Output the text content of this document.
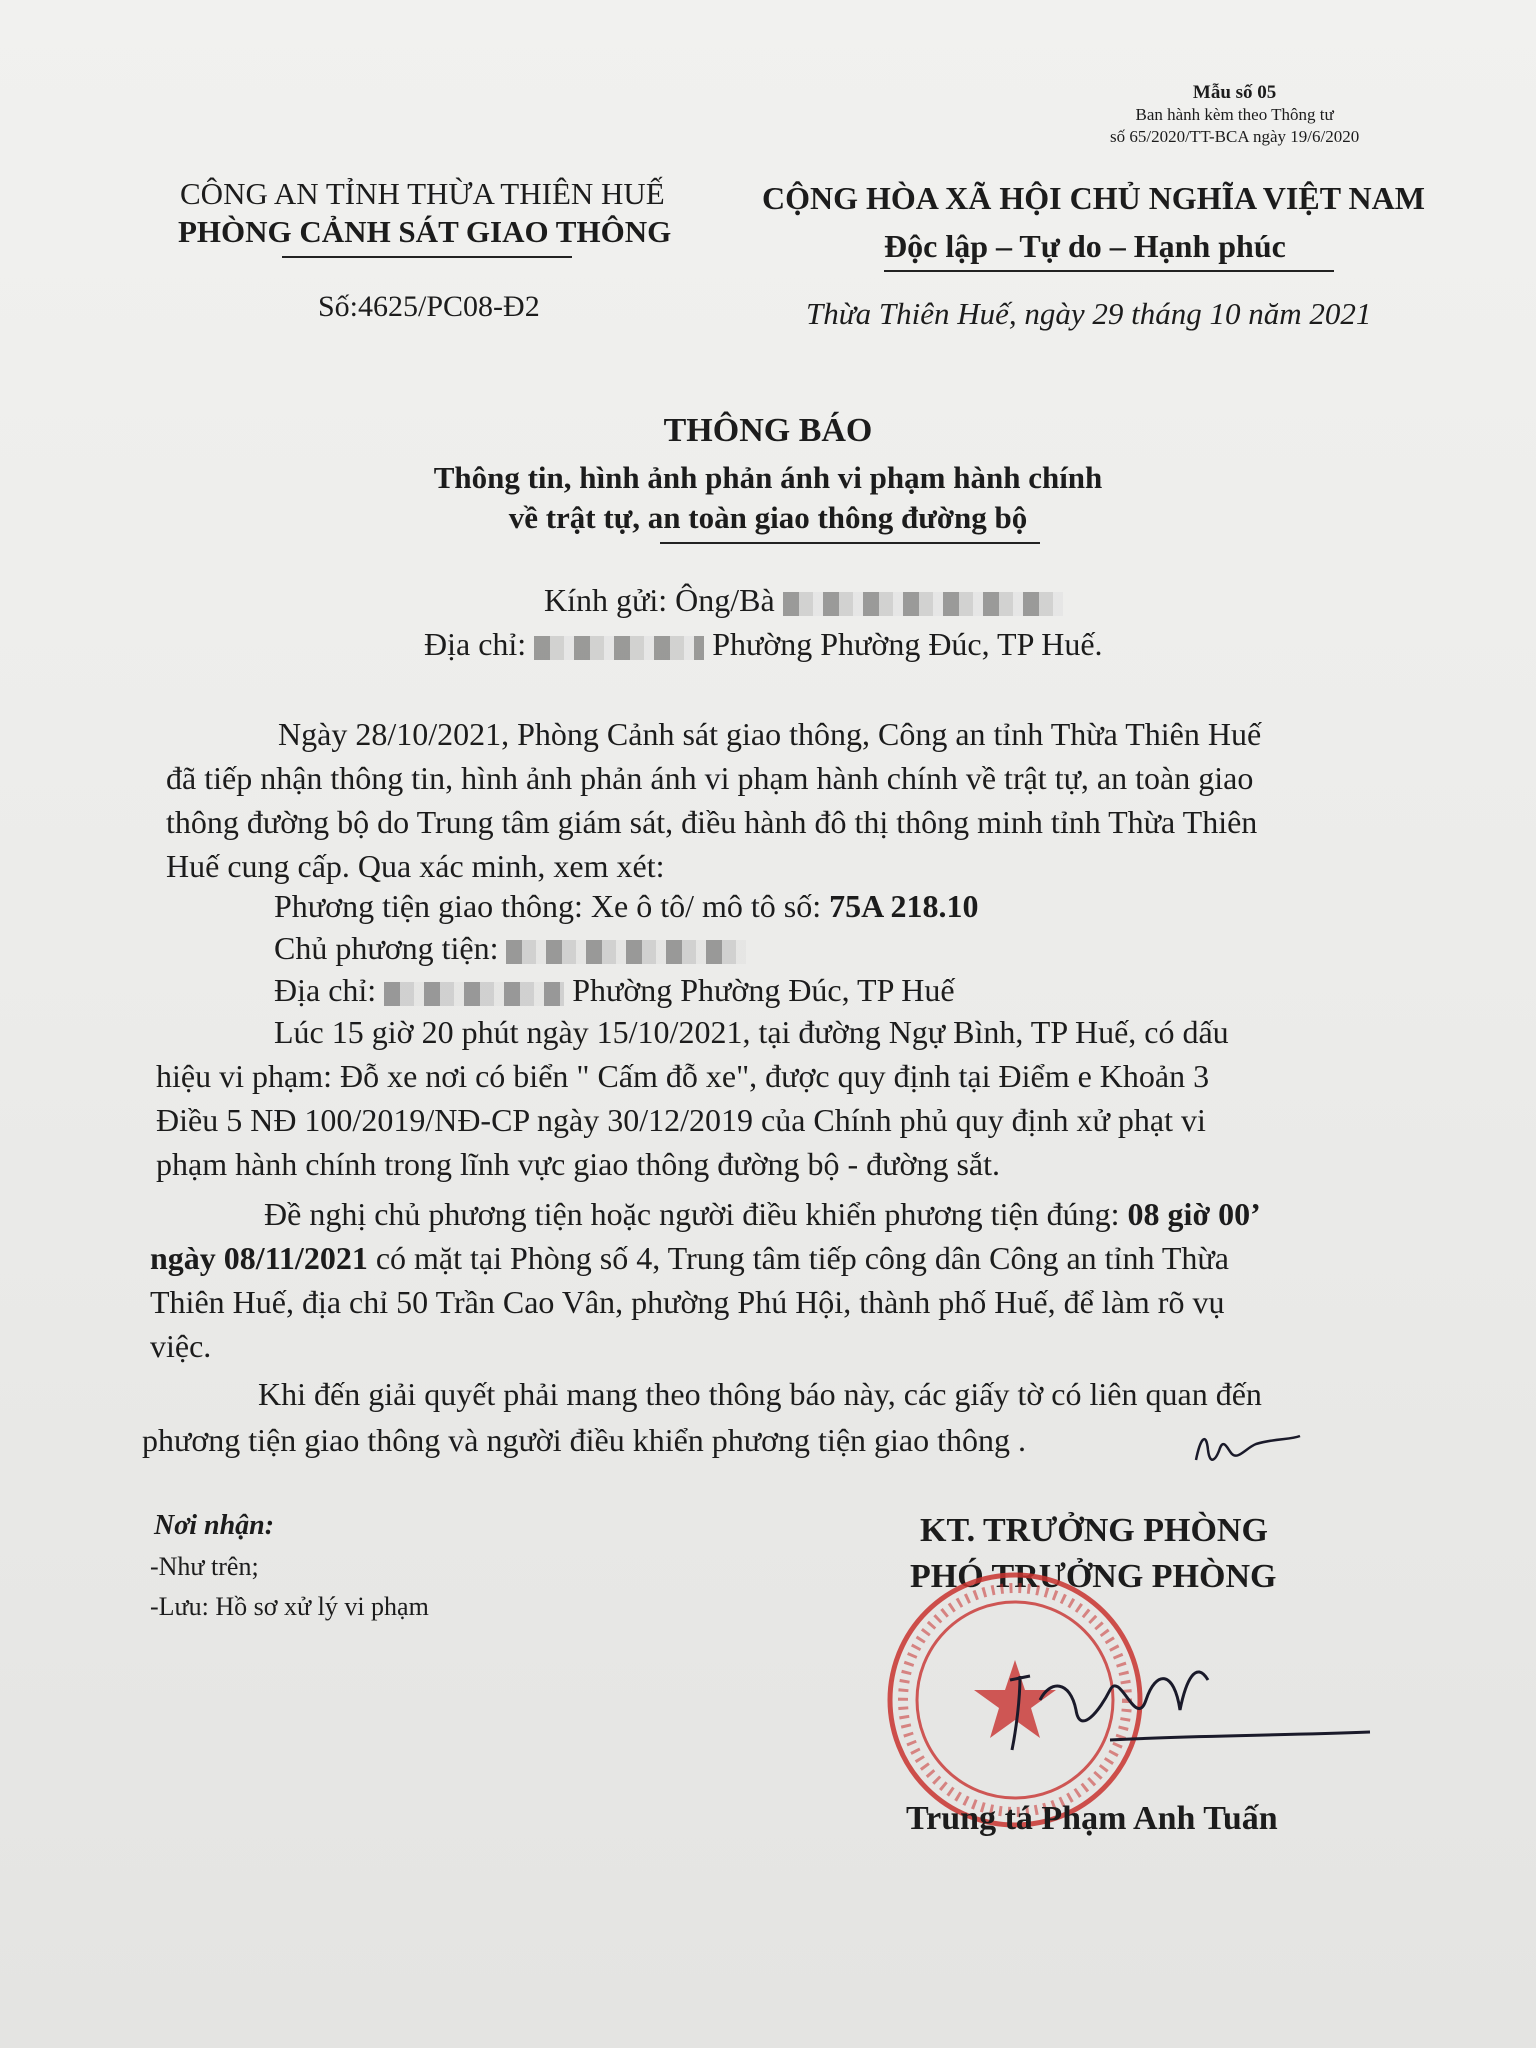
Mẫu số 05
Ban hành kèm theo Thông tư
số 65/2020/TT-BCA ngày 19/6/2020
CÔNG AN TỈNH THỪA THIÊN HUẾ
PHÒNG CẢNH SÁT GIAO THÔNG
Số:4625/PC08-Đ2
CỘNG HÒA XÃ HỘI CHỦ NGHĨA VIỆT NAM
Độc lập – Tự do – Hạnh phúc
Thừa Thiên Huế, ngày 29 tháng 10 năm 2021
THÔNG BÁO
Thông tin, hình ảnh phản ánh vi phạm hành chính
về trật tự, an toàn giao thông đường bộ
Kính gửi: Ông/Bà
Địa chỉ:	Phường Phường Đúc, TP Huế.
Ngày 28/10/2021, Phòng Cảnh sát giao thông, Công an tỉnh Thừa Thiên Huế
đã tiếp nhận thông tin, hình ảnh phản ánh vi phạm hành chính về trật tự, an toàn giao
thông đường bộ do Trung tâm giám sát, điều hành đô thị thông minh tỉnh Thừa Thiên
Huế cung cấp. Qua xác minh, xem xét:
Phương tiện giao thông: Xe ô tô/ mô tô số: 75A 218.10
Chủ phương tiện:
Địa chỉ:	Phường Phường Đúc, TP Huế
Lúc 15 giờ 20 phút ngày 15/10/2021, tại đường Ngự Bình, TP Huế, có dấu
hiệu vi phạm: Đỗ xe nơi có biển " Cấm đỗ xe", được quy định tại Điểm e Khoản 3
Điều 5 NĐ 100/2019/NĐ-CP ngày 30/12/2019 của Chính phủ quy định xử phạt vi
phạm hành chính trong lĩnh vực giao thông đường bộ - đường sắt.
Đề nghị chủ phương tiện hoặc người điều khiển phương tiện đúng: 08 giờ 00’
ngày 08/11/2021 có mặt tại Phòng số 4, Trung tâm tiếp công dân Công an tỉnh Thừa
Thiên Huế, địa chỉ 50 Trần Cao Vân, phường Phú Hội, thành phố Huế, để làm rõ vụ
việc.
Khi đến giải quyết phải mang theo thông báo này, các giấy tờ có liên quan đến
phương tiện giao thông và người điều khiển phương tiện giao thông .
Nơi nhận:
-Như trên;
-Lưu: Hồ sơ xử lý vi phạm
KT. TRƯỞNG PHÒNG
PHÓ TRƯỞNG PHÒNG
Trung tá Phạm Anh Tuấn
